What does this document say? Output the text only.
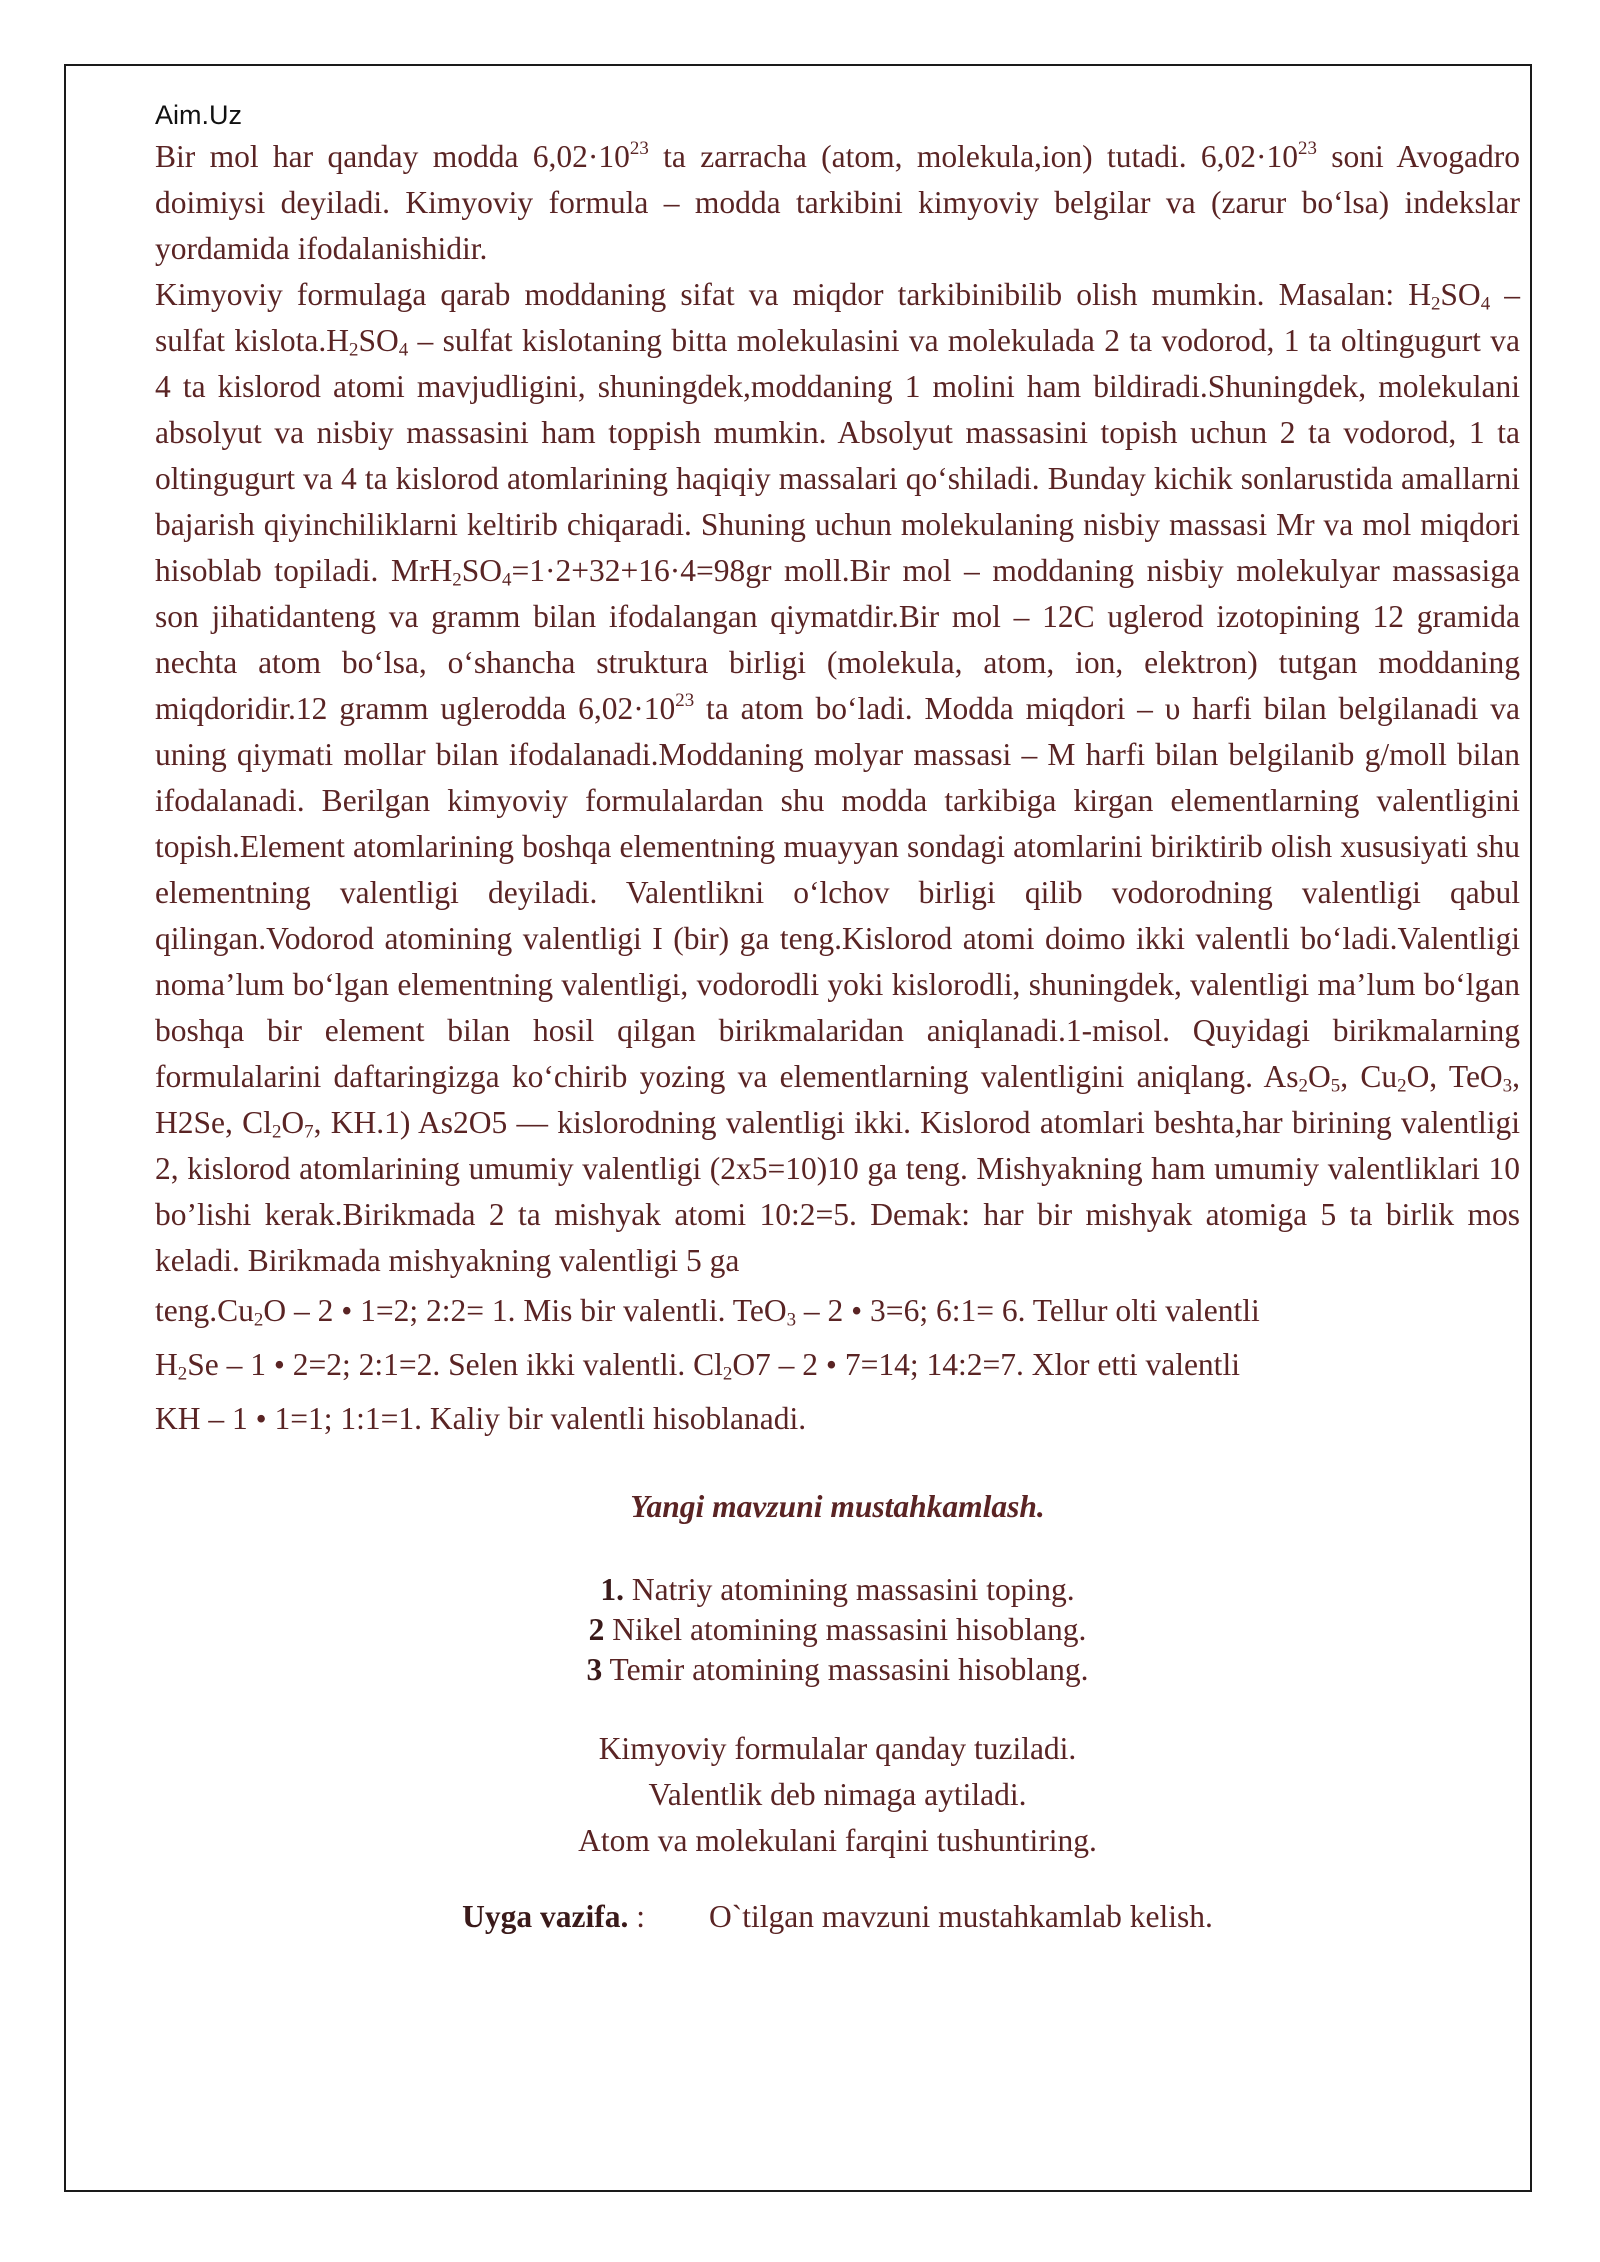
Aim.Uz

Bir mol har qanday modda $6,02\cdot 10^{23}$ ta zarracha (atom, molekula,ion) tutadi. $6,02\cdot 10^{23}$ soni Avogadro doimiysi deyiladi. Kimyoviy formula – modda tarkibini kimyoviy belgilar va (zarur bo‘lsa) indekslar yordamida ifodalanishidir.

Kimyoviy formulaga qarab moddaning sifat va miqdor tarkibinibilib olish mumkin. Masalan: $H_2SO_4$ – sulfat $kislota.H_2SO_4$ – sulfat kislotaning bitta molekulasini va molekulada 2 ta vodorod, 1 ta oltingugurt va 4 ta kislorod atomi mavjudligini, shuningdek,moddaning 1 molini ham bildiradi.Shuningdek, molekulani absolyut va nisbiy massasini ham toppish mumkin. Absolyut massasini topish uchun 2 ta vodorod, 1 ta oltingugurt va 4 ta kislorod atomlarining haqiqiy massalari qo‘shiladi. Bunday kichik sonlarustida amallarni bajarish qiyinchiliklarni keltirib chiqaradi. Shuning uchun molekulaning nisbiy massasi Mr va mol miqdori hisoblab topiladi. $MrH_2SO_4=1\cdot 2+32+16\cdot 4=98gr$ moll.Bir mol – moddaning nisbiy molekulyar massasiga son jihatidanteng va gramm bilan ifodalangan qiymatdir.Bir mol – 12C uglerod izotopining 12 gramida nechta atom bo‘lsa, o‘shancha struktura birligi (molekula, atom, ion, elektron) tutgan moddaning miqdoridir.12 gramm uglerodda $6,02\cdot 10^{23}$ ta atom bo‘ladi. Modda miqdori – υ harfi bilan belgilanadi va uning qiymati mollar bilan ifodalanadi.Moddaning molyar massasi – M harfi bilan belgilanib g/moll bilan ifodalanadi. Berilgan kimyoviy formulalardan shu modda tarkibiga kirgan elementlarning valentligini topish.Element atomlarining boshqa elementning muayyan sondagi atomlarini biriktirib olish xususiyati shu elementning valentligi deyiladi. Valentlikni o‘lchov birligi qilib vodorodning valentligi qabul qilingan.Vodorod atomining valentligi I (bir) ga teng.Kislorod atomi doimo ikki valentli bo‘ladi.Valentligi noma’lum bo‘lgan elementning valentligi, vodorodli yoki kislorodli, shuningdek, valentligi ma’lum bo‘lgan boshqa bir element bilan hosil qilgan birikmalaridan aniqlanadi.1-misol. Quyidagi birikmalarning formulalarini daftaringizga ko‘chirib yozing va elementlarning valentligini aniqlang. $As_2O_5$, $Cu_2O$, TeO$_3$, H2Se, $Cl_2O_7$, KH.1) As2O5 — kislorodning valentligi ikki. Kislorod atomlari beshta,har birining valentligi 2, kislorod atomlarining umumiy valentligi (2x5=10)10 ga teng. Mishyakning ham umumiy valentliklari 10 bo’lishi kerak.Birikmada 2 ta mishyak atomi 10:2=5. Demak: har bir mishyak atomiga 5 ta birlik mos keladi. Birikmada mishyakning valentligi 5 ga

$teng.Cu_2O - 2$ • 1=2; 2:2= 1. Mis bir valentli. TeO$_3$ – 2 • 3=6; 6:1= 6. Tellur olti valentli

$H_2Se - 1$ • 2=2; 2:1=2. Selen ikki valentli. $Cl_2O7 - 2$ • 7=14; 14:2=7. Xlor etti valentli

KH – 1 • 1=1; 1:1=1. Kaliy bir valentli hisoblanadi.

Yangi mavzuni mustahkamlash.
1. Natriy atomining massasini toping.
2 Nikel atomining massasini hisoblang.
3 Temir atomining massasini hisoblang.
Kimyoviy formulalar qanday tuziladi.
Valentlik deb nimaga aytiladi.
Atom va molekulani farqini tushuntiring.
Uyga vazifa. : O`tilgan mavzuni mustahkamlab kelish.
